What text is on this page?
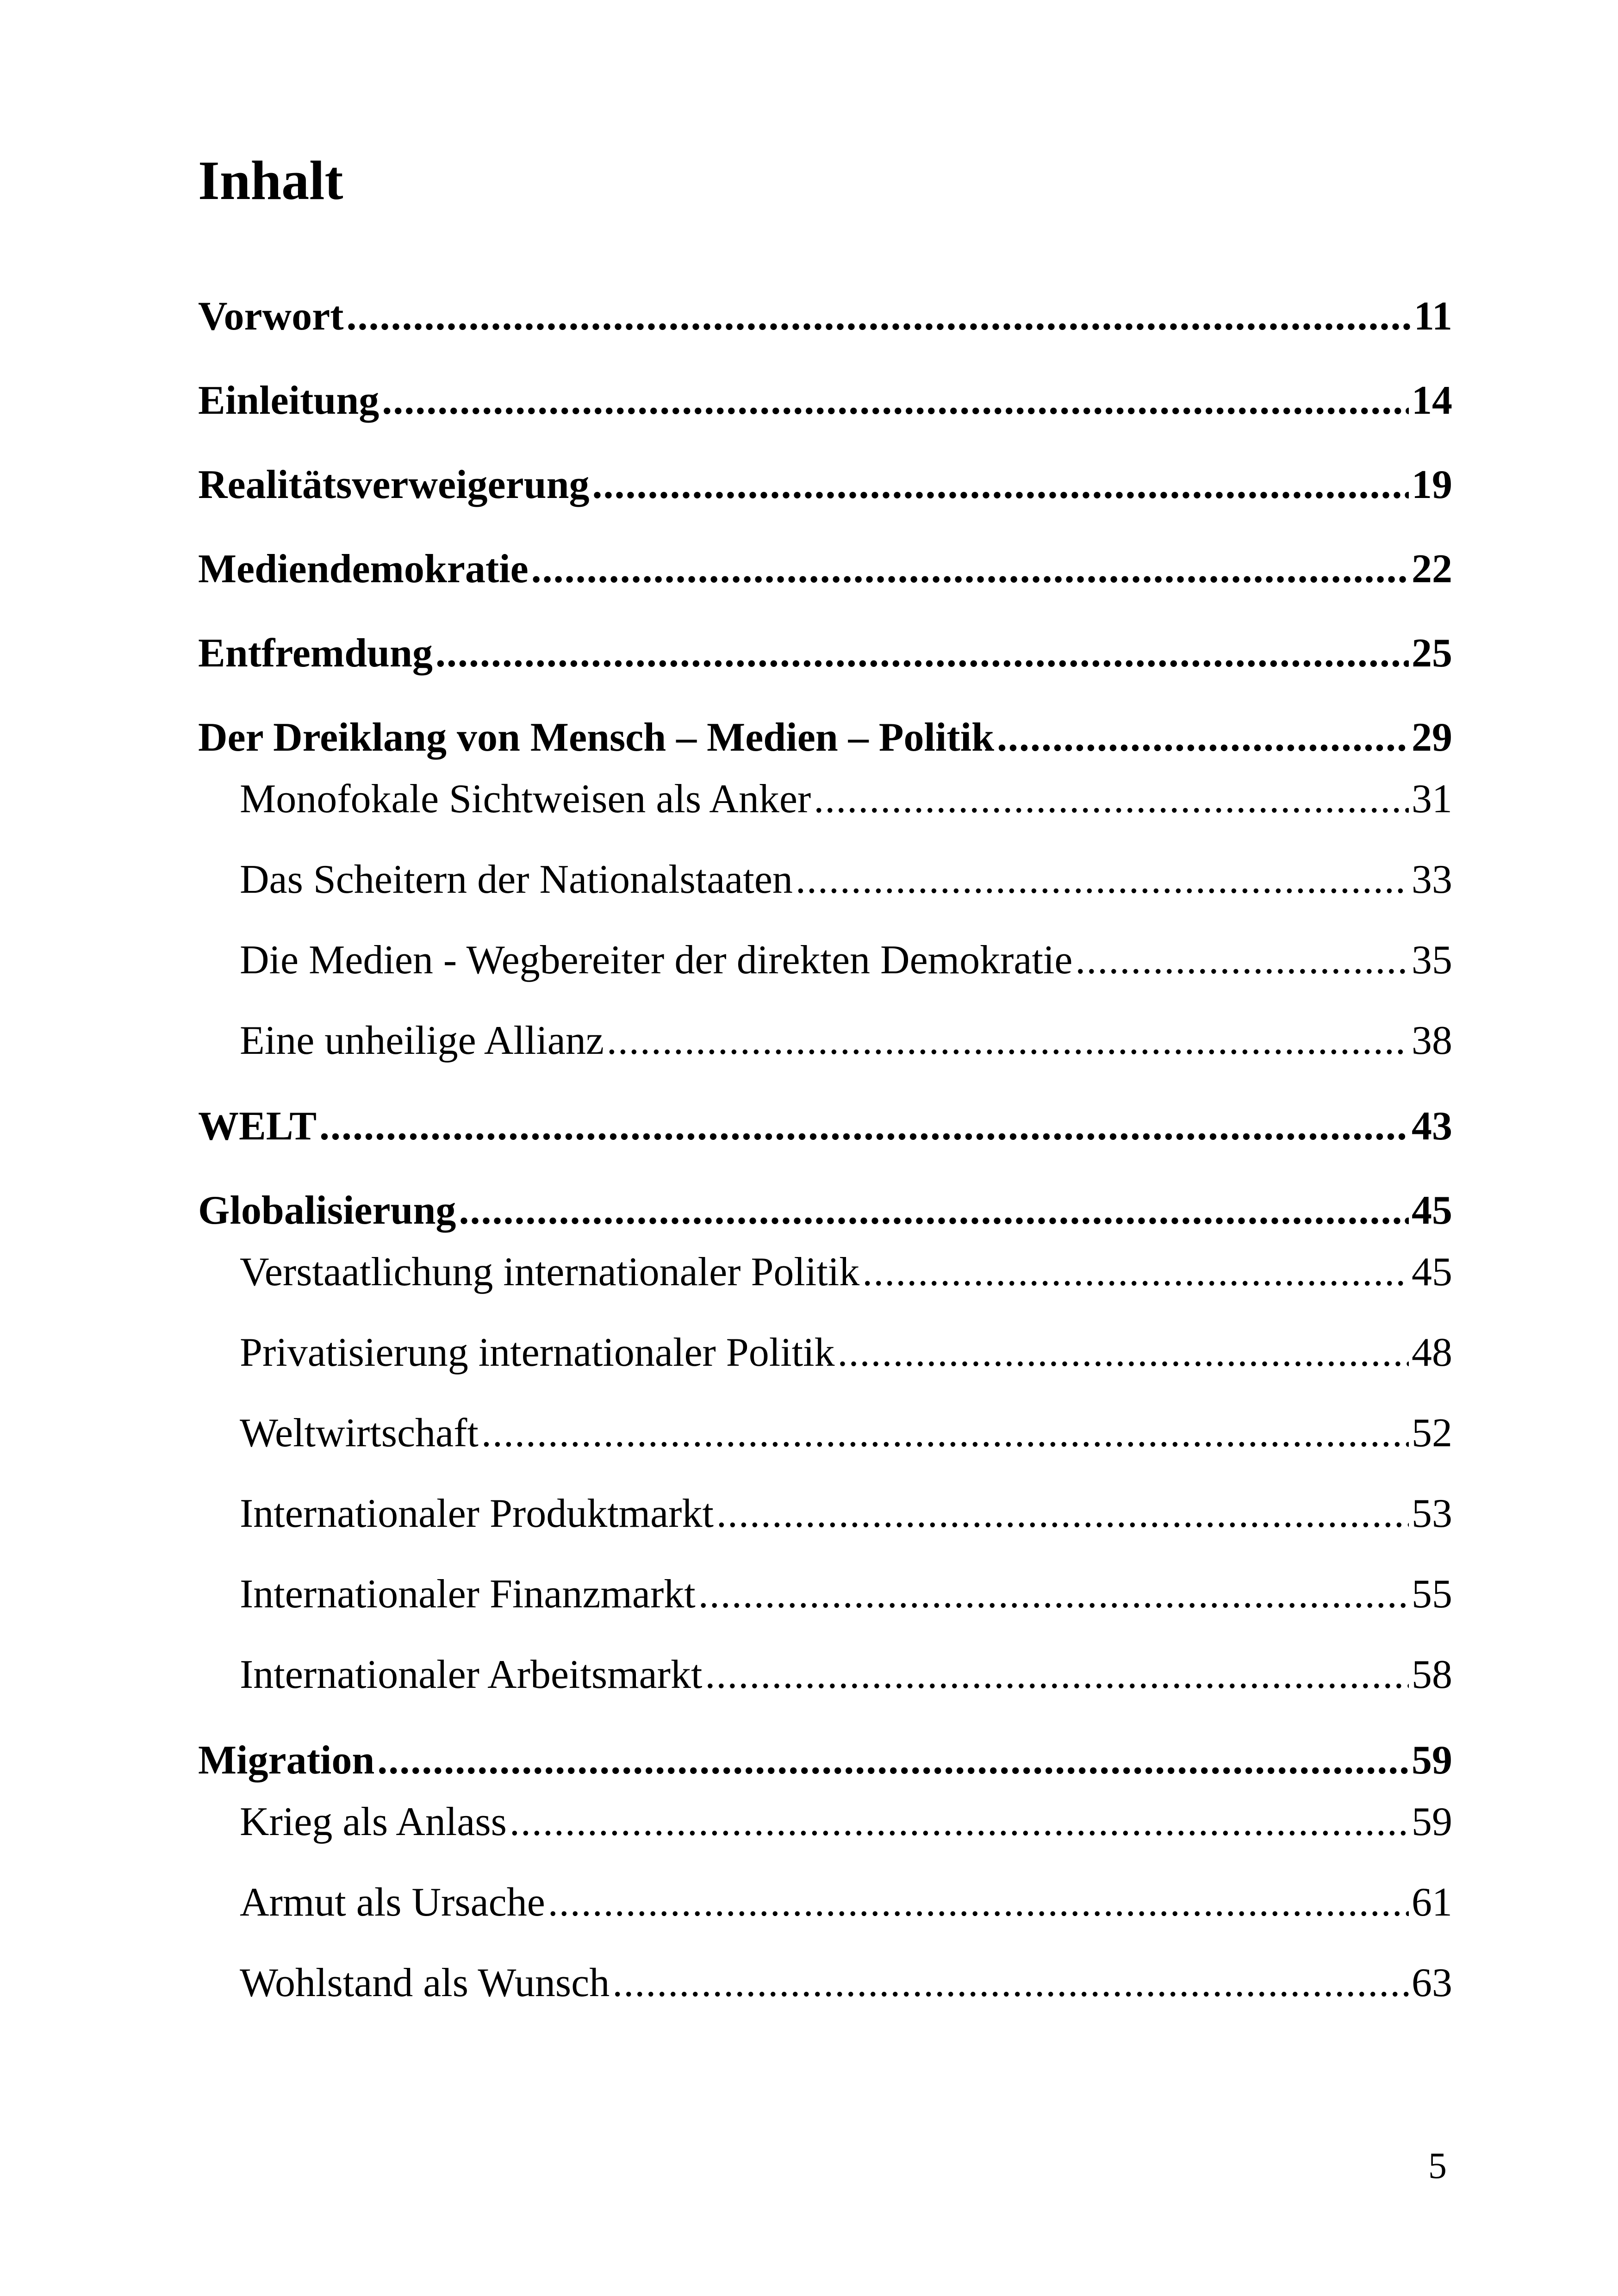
Inhalt
Vorwort .....	11
Einleitung .....	14
Realitätsverweigerung .....	19
Mediendemokratie .....	22
Entfremdung .....	25
Der Dreiklang von Mensch – Medien – Politik .....	29
Monofokale Sichtweisen als Anker .....	31
Das Scheitern der Nationalstaaten .....	33
Die Medien - Wegbereiter der direkten Demokratie .....	35
Eine unheilige Allianz .....	38
WELT .....	43
Globalisierung .....	45
Verstaatlichung internationaler Politik .....	45
Privatisierung internationaler Politik .....	48
Weltwirtschaft .....	52
Internationaler Produktmarkt .....	53
Internationaler Finanzmarkt .....	55
Internationaler Arbeitsmarkt .....	58
Migration .....	59
Krieg als Anlass .....	59
Armut als Ursache .....	61
Wohlstand als Wunsch .....	63
5
